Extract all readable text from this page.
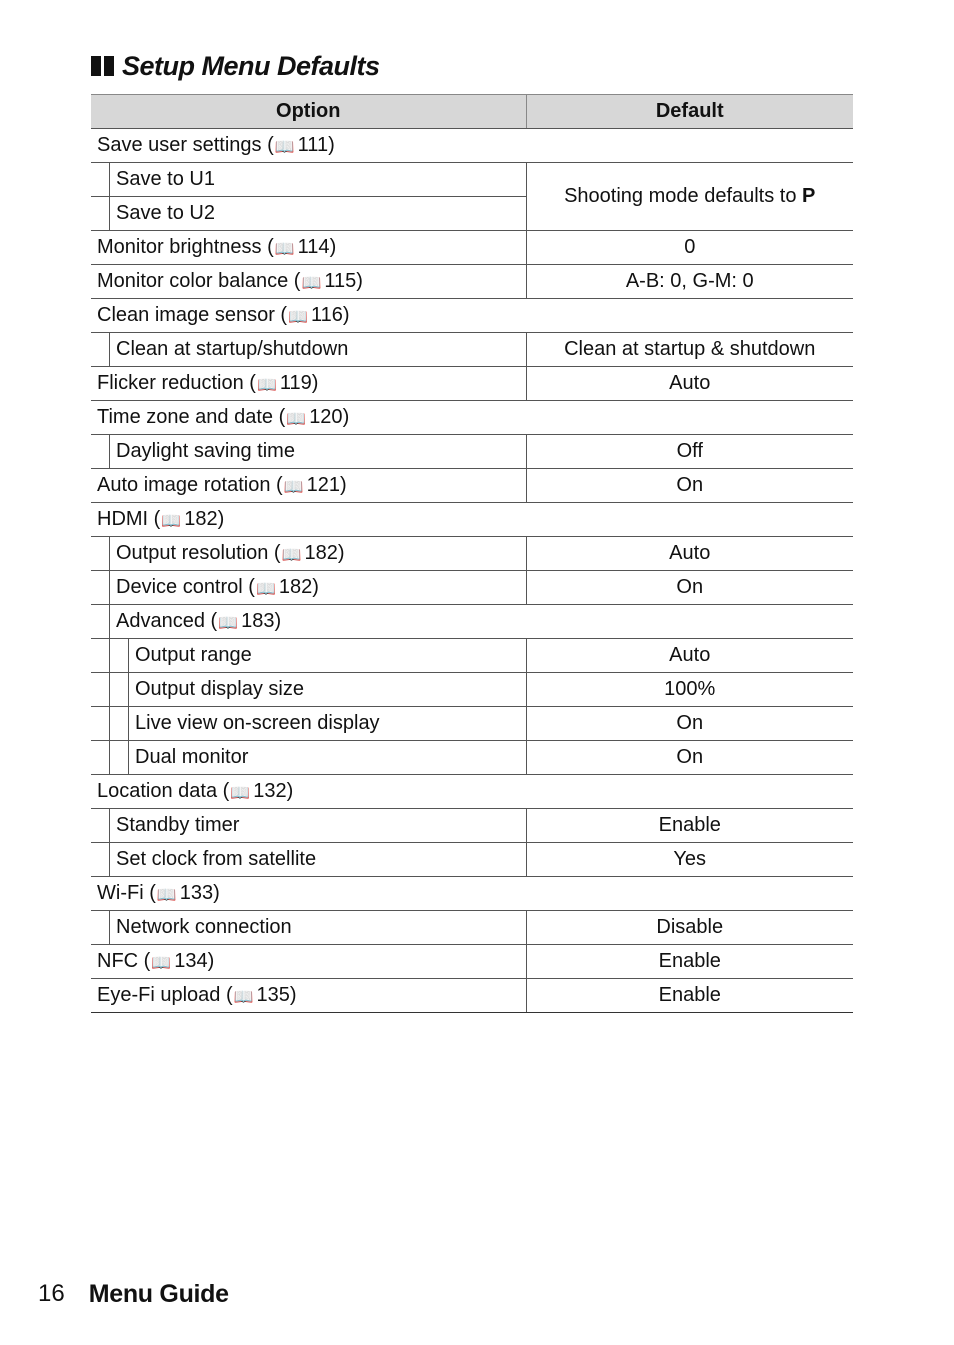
Setup Menu Defaults
Option	Default

Save user settings ( 📖 111 )	

Save to U1	Shooting mode defaults to P

Save to U2	

Monitor brightness ( 📖 114 )	0

Monitor color balance ( 📖 115 )	A-B: 0, G-M: 0

Clean image sensor ( 📖 116 )	

Clean at startup/shutdown	Clean at startup & shutdown

Flicker reduction ( 📖 119 )	Auto

Time zone and date ( 📖 120 )	

Daylight saving time	Off

Auto image rotation ( 📖 121 )	On

HDMI ( 📖 182 )	

Output resolution ( 📖 182 )	Auto

Device control ( 📖 182 )	On

Advanced ( 📖 183 )	

Output range	Auto

Output display size	100%

Live view on-screen display	On

Dual monitor	On

Location data ( 📖 132 )	

Standby timer	Enable

Set clock from satellite	Yes

Wi-Fi ( 📖 133 )	

Network connection	Disable

NFC ( 📖 134 )	Enable

Eye-Fi upload ( 📖 135 )	Enable
16 Menu Guide
